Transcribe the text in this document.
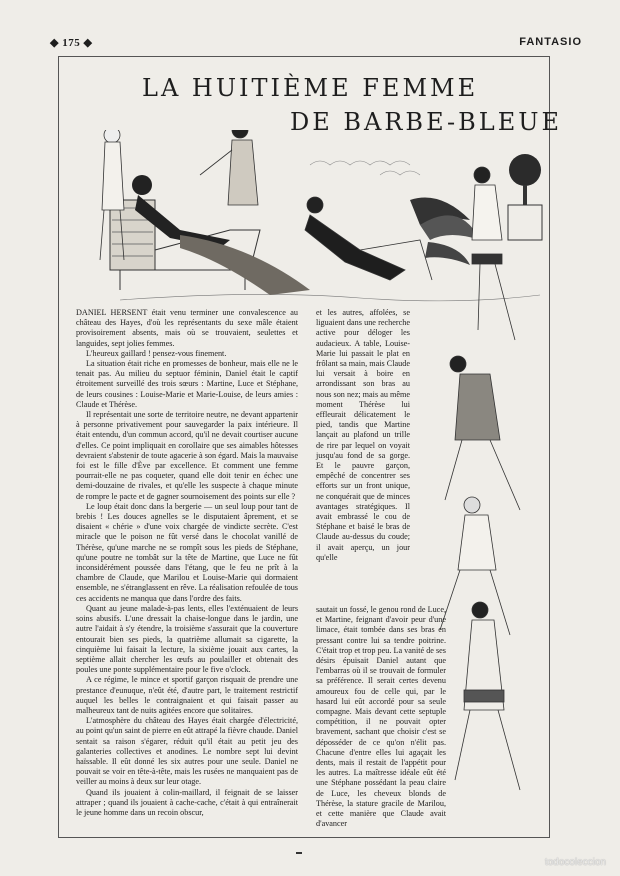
◆ 175 ◆	FANTASIO
LA HUITIÈME FEMME
DE BARBE-BLEUE

DANIEL HERSENT était venu terminer une convalescence au château des Hayes, d'où les représentants du sexe mâle étaient provisoirement absents, mais où se trouvaient, seulettes et languides, sept jolies femmes.

L'heureux gaillard ! pensez-vous finement.

La situation était riche en promesses de bonheur, mais elle ne le tenait pas. Au milieu du septuor féminin, Daniel était le captif étroitement surveillé des trois sœurs : Martine, Luce et Stéphane, de leurs cousines : Louise-Marie et Marie-Louise, de leurs amies : Claude et Thérèse.

Il représentait une sorte de territoire neutre, ne devant appartenir à personne privativement pour sauvegarder la paix intérieure. Il était entendu, d'un commun accord, qu'il ne devait courtiser aucune d'elles. Ce point impliquait en corollaire que ses aimables hôtesses devraient s'abstenir de toute agacerie à son égard. Mais la mauvaise foi est le fille d'Ève par excellence. Et comment une femme pourrait-elle ne pas coqueter, quand elle doit tenir en échec une demi-douzaine de rivales, et qu'elle les suspecte à chaque minute de rompre le pacte et de gagner sournoisement des points sur elle ?

Le loup était donc dans la bergerie — un seul loup pour tant de brebis ! Les douces agnelles se le disputaient âprement, et se disaient « chérie » d'une voix chargée de vindicte secrète. C'est miracle que le poison ne fût versé dans le chocolat vanillé de Thérèse, qu'une marche ne se rompît sous les pieds de Stéphane, qu'une poutre ne tombât sur la tête de Martine, que Luce ne fût inconsidérément poussée dans l'étang, que le feu ne prît à la chambre de Claude, que Marilou et Louise-Marie qui dormaient ensemble, ne s'étranglassent en rêve. La réalisation refoulée de tous ces accidents ne manqua que dans l'ordre des faits.

Quant au jeune malade-à-pas lents, elles l'exténuaient de leurs soins abusifs. L'une dressait la chaise-longue dans le jardin, une autre l'aidait à s'y étendre, la troisième s'assurait que la couverture entourait bien ses pieds, la quatrième allumait sa cigarette, la cinquième lui faisait la lecture, la sixième jouait aux cartes, la septième allait chercher les œufs au poulailler et obtenait des poules une ponte supplémentaire pour le five o'clock.

A ce régime, le mince et sportif garçon risquait de prendre une prestance d'eunuque, n'eût été, d'autre part, le traitement restrictif auquel les belles le contraignaient et qui faisait passer au malheureux tant de nuits agitées encore que solitaires.

L'atmosphère du château des Hayes était chargée d'électricité, au point qu'un saint de pierre en eût attrapé la fièvre chaude. Daniel sentait sa raison s'égarer, réduit qu'il était au petit jeu des galanteries collectives et anodines. Le nombre sept lui devint haïssable. Il eût donné les six autres pour une seule. Daniel ne pouvait se voir en tête-à-tête, mais les rusées ne manquaient pas de veiller au moins à deux sur leur otage.

Quand ils jouaient à colin-maillard, il feignait de se laisser attraper ; quand ils jouaient à cache-cache, c'était à qui entraînerait le jeune homme dans un recoin obscur,

et les autres, affolées, se liguaient dans une recherche active pour déloger les audacieux. A table, Louise-Marie lui passait le plat en frôlant sa main, mais Claude lui versait à boire en arrondissant son bras au nous son nez; mais au même moment Thérèse lui effleurait délicatement le pied, tandis que Martine lançait au plafond un trille de rire par lequel on voyait jusqu'au fond de sa gorge. Et le pauvre garçon, empêché de concentrer ses efforts sur un front unique, ne conquérait que de minces avantages stratégiques. Il avait embrassé le cou de Stéphane et baisé le bras de Claude au-dessus du coude; il avait aperçu, un jour qu'elle

sautait un fossé, le genou rond de Luce, et Martine, feignant d'avoir peur d'une limace, était tombée dans ses bras en pressant contre lui sa tendre poitrine. C'était trop et trop peu. La vanité de ses désirs épuisait Daniel autant que l'embarras où il se trouvait de formuler sa préférence. Il serait certes devenu amoureux fou de celle qui, par le hasard lui eût accordé pour sa seule compagne. Mais devant cette septuple compétition, il ne pouvait opter bravement, sachant que choisir c'est se déposséder de ce qu'on n'élit pas. Chacune d'entre elles lui agaçait les dents, mais il restait de l'appétit pour les autres. La maîtresse idéale eût été une Stéphane possédant la peau claire de Luce, les cheveux blonds de Thérèse, la stature gracile de Marilou, et cette manière que Claude avait d'avancer

todocoleccion
